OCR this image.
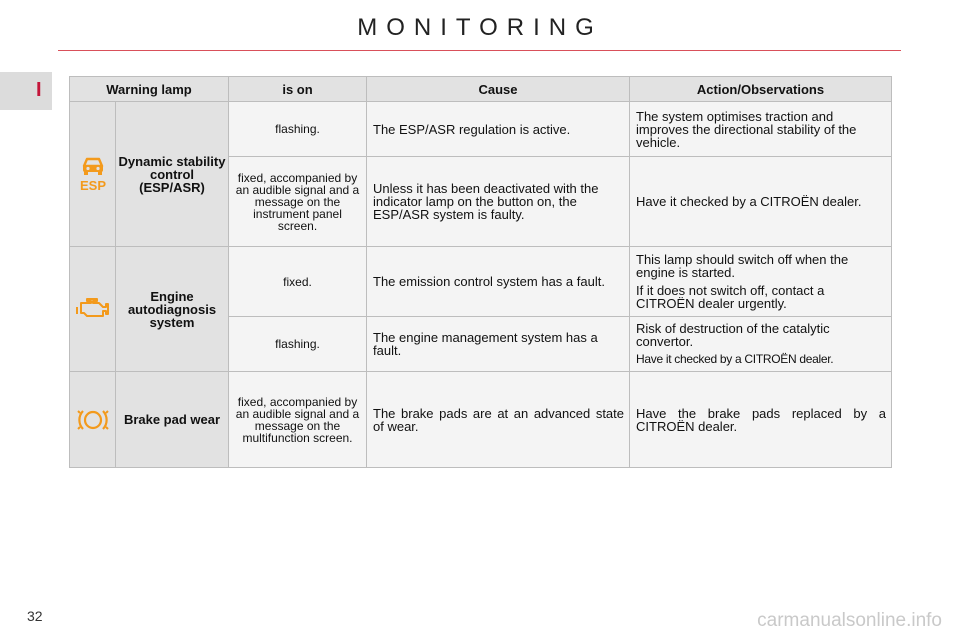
MONITORING
I	Warning lamp		is on	Cause	Action/Observations

ESP	Dynamic stability control (ESP/ASR)	flashing.	The ESP/ASR regulation is active.	The system optimises traction and improves the directional stability of the vehicle.
		fixed, accompanied by an audible signal and a message on the instrument panel screen.	Unless it has been deactivated with the indicator lamp on the button on, the ESP/ASR system is faulty.	Have it checked by a CITROËN dealer.

	Engine autodiagnosis system	fixed.	The emission control system has a fault.	This lamp should switch off when the engine is started.
If it does not switch off, contact a CITROËN dealer urgently.

		flashing.	The engine management system has a fault.	Risk of destruction of the catalytic convertor.
Have it checked by a CITROËN dealer.

	Brake pad wear	fixed, accompanied by an audible signal and a message on the multifunction screen.	The brake pads are at an advanced state of wear.	Have the brake pads replaced by a CITROËN dealer.
32	carmanualsonline.info
